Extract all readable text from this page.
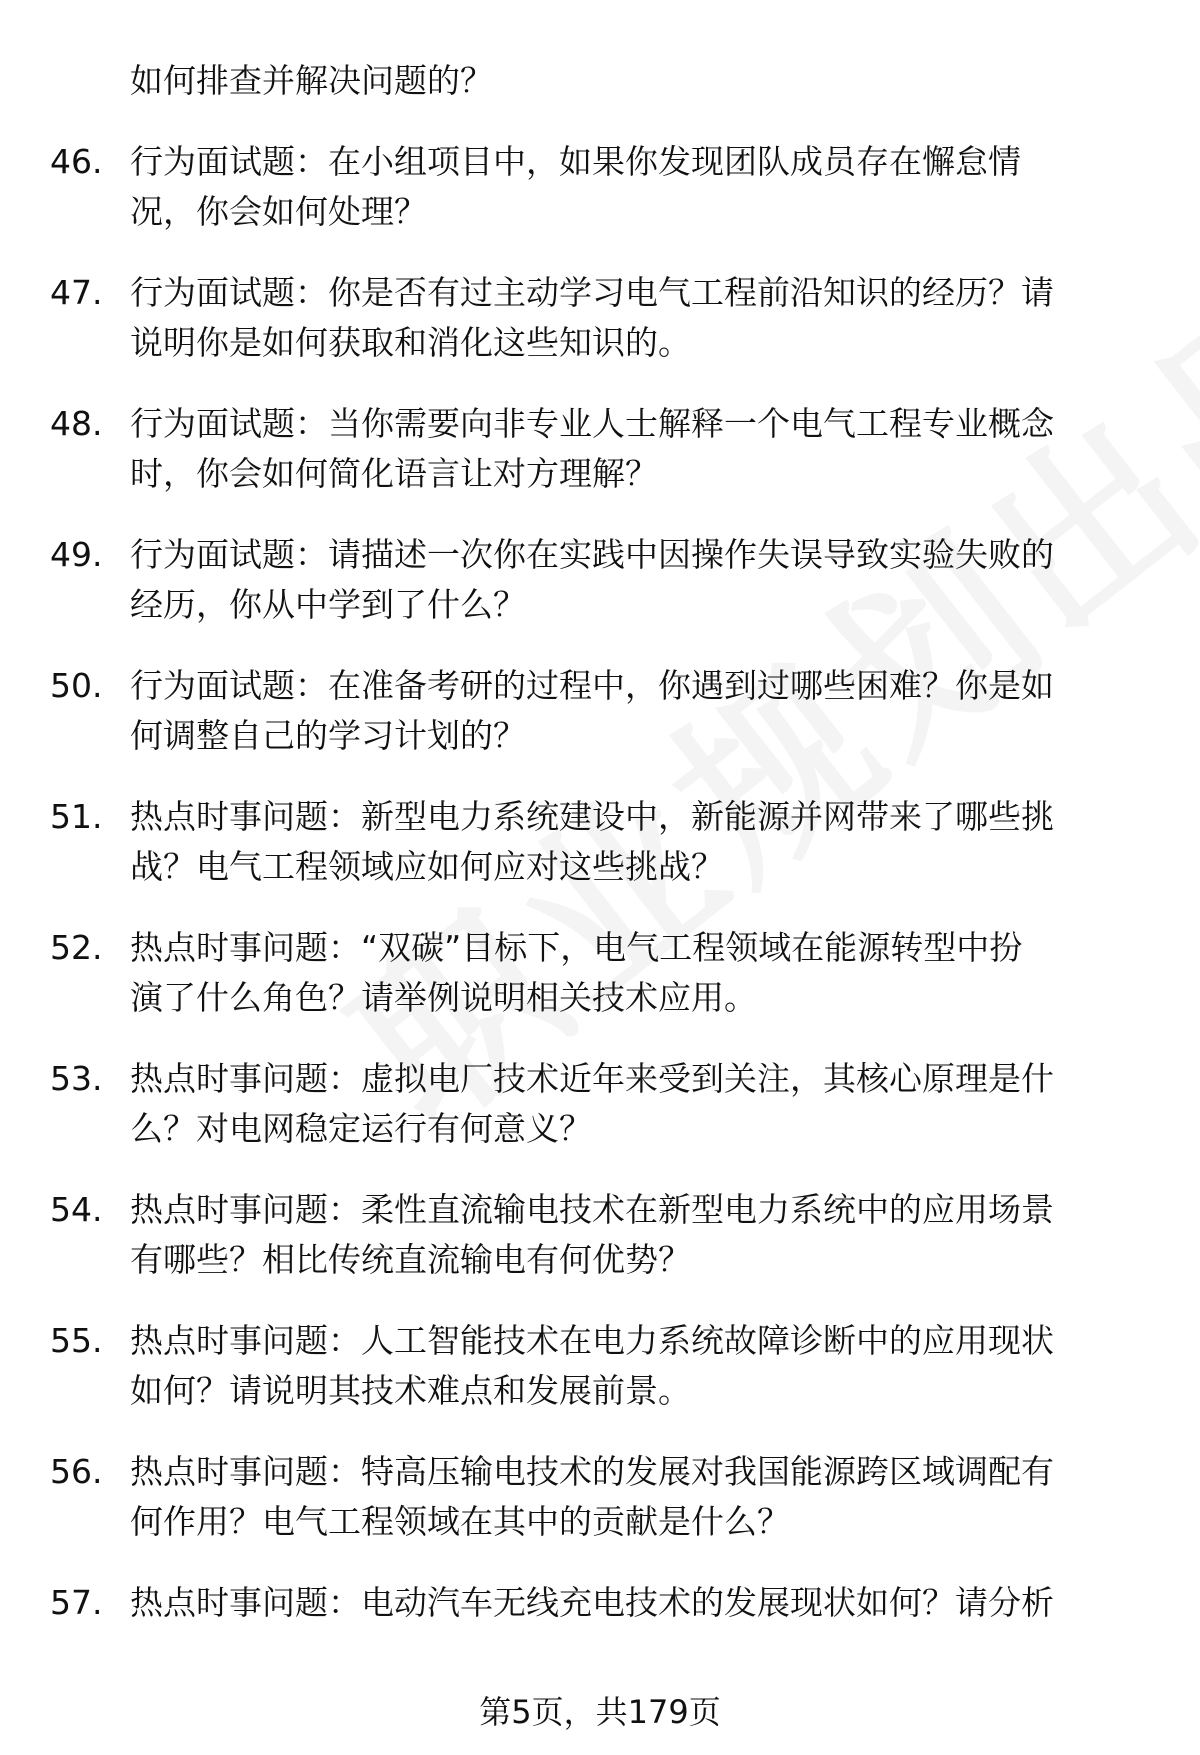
如何排查并解决问题的？
46. 行为面试题：在小组项目中，如果你发现团队成员存在懈怠情
况，你会如何处理？
47. 行为面试题：你是否有过主动学习电气工程前沿知识的经历？请
说明你是如何获取和消化这些知识的。
48. 行为面试题：当你需要向非专业人士解释一个电气工程专业概念
时，你会如何简化语言让对方理解？
49. 行为面试题：请描述一次你在实践中因操作失误导致实验失败的
经历，你从中学到了什么？
50. 行为面试题：在准备考研的过程中，你遇到过哪些困难？你是如
何调整自己的学习计划的？
51. 热点时事问题：新型电力系统建设中，新能源并网带来了哪些挑
战？电气工程领域应如何应对这些挑战？
52. 热点时事问题：“双碳”目标下，电气工程领域在能源转型中扮
演了什么角色？请举例说明相关技术应用。
53. 热点时事问题：虚拟电厂技术近年来受到关注，其核心原理是什
么？对电网稳定运行有何意义？
54. 热点时事问题：柔性直流输电技术在新型电力系统中的应用场景
有哪些？相比传统直流输电有何优势？
55. 热点时事问题：人工智能技术在电力系统故障诊断中的应用现状
如何？请说明其技术难点和发展前景。
56. 热点时事问题：特高压输电技术的发展对我国能源跨区域调配有
何作用？电气工程领域在其中的贡献是什么？
57. 热点时事问题：电动汽车无线充电技术的发展现状如何？请分析
第5页，共179页
